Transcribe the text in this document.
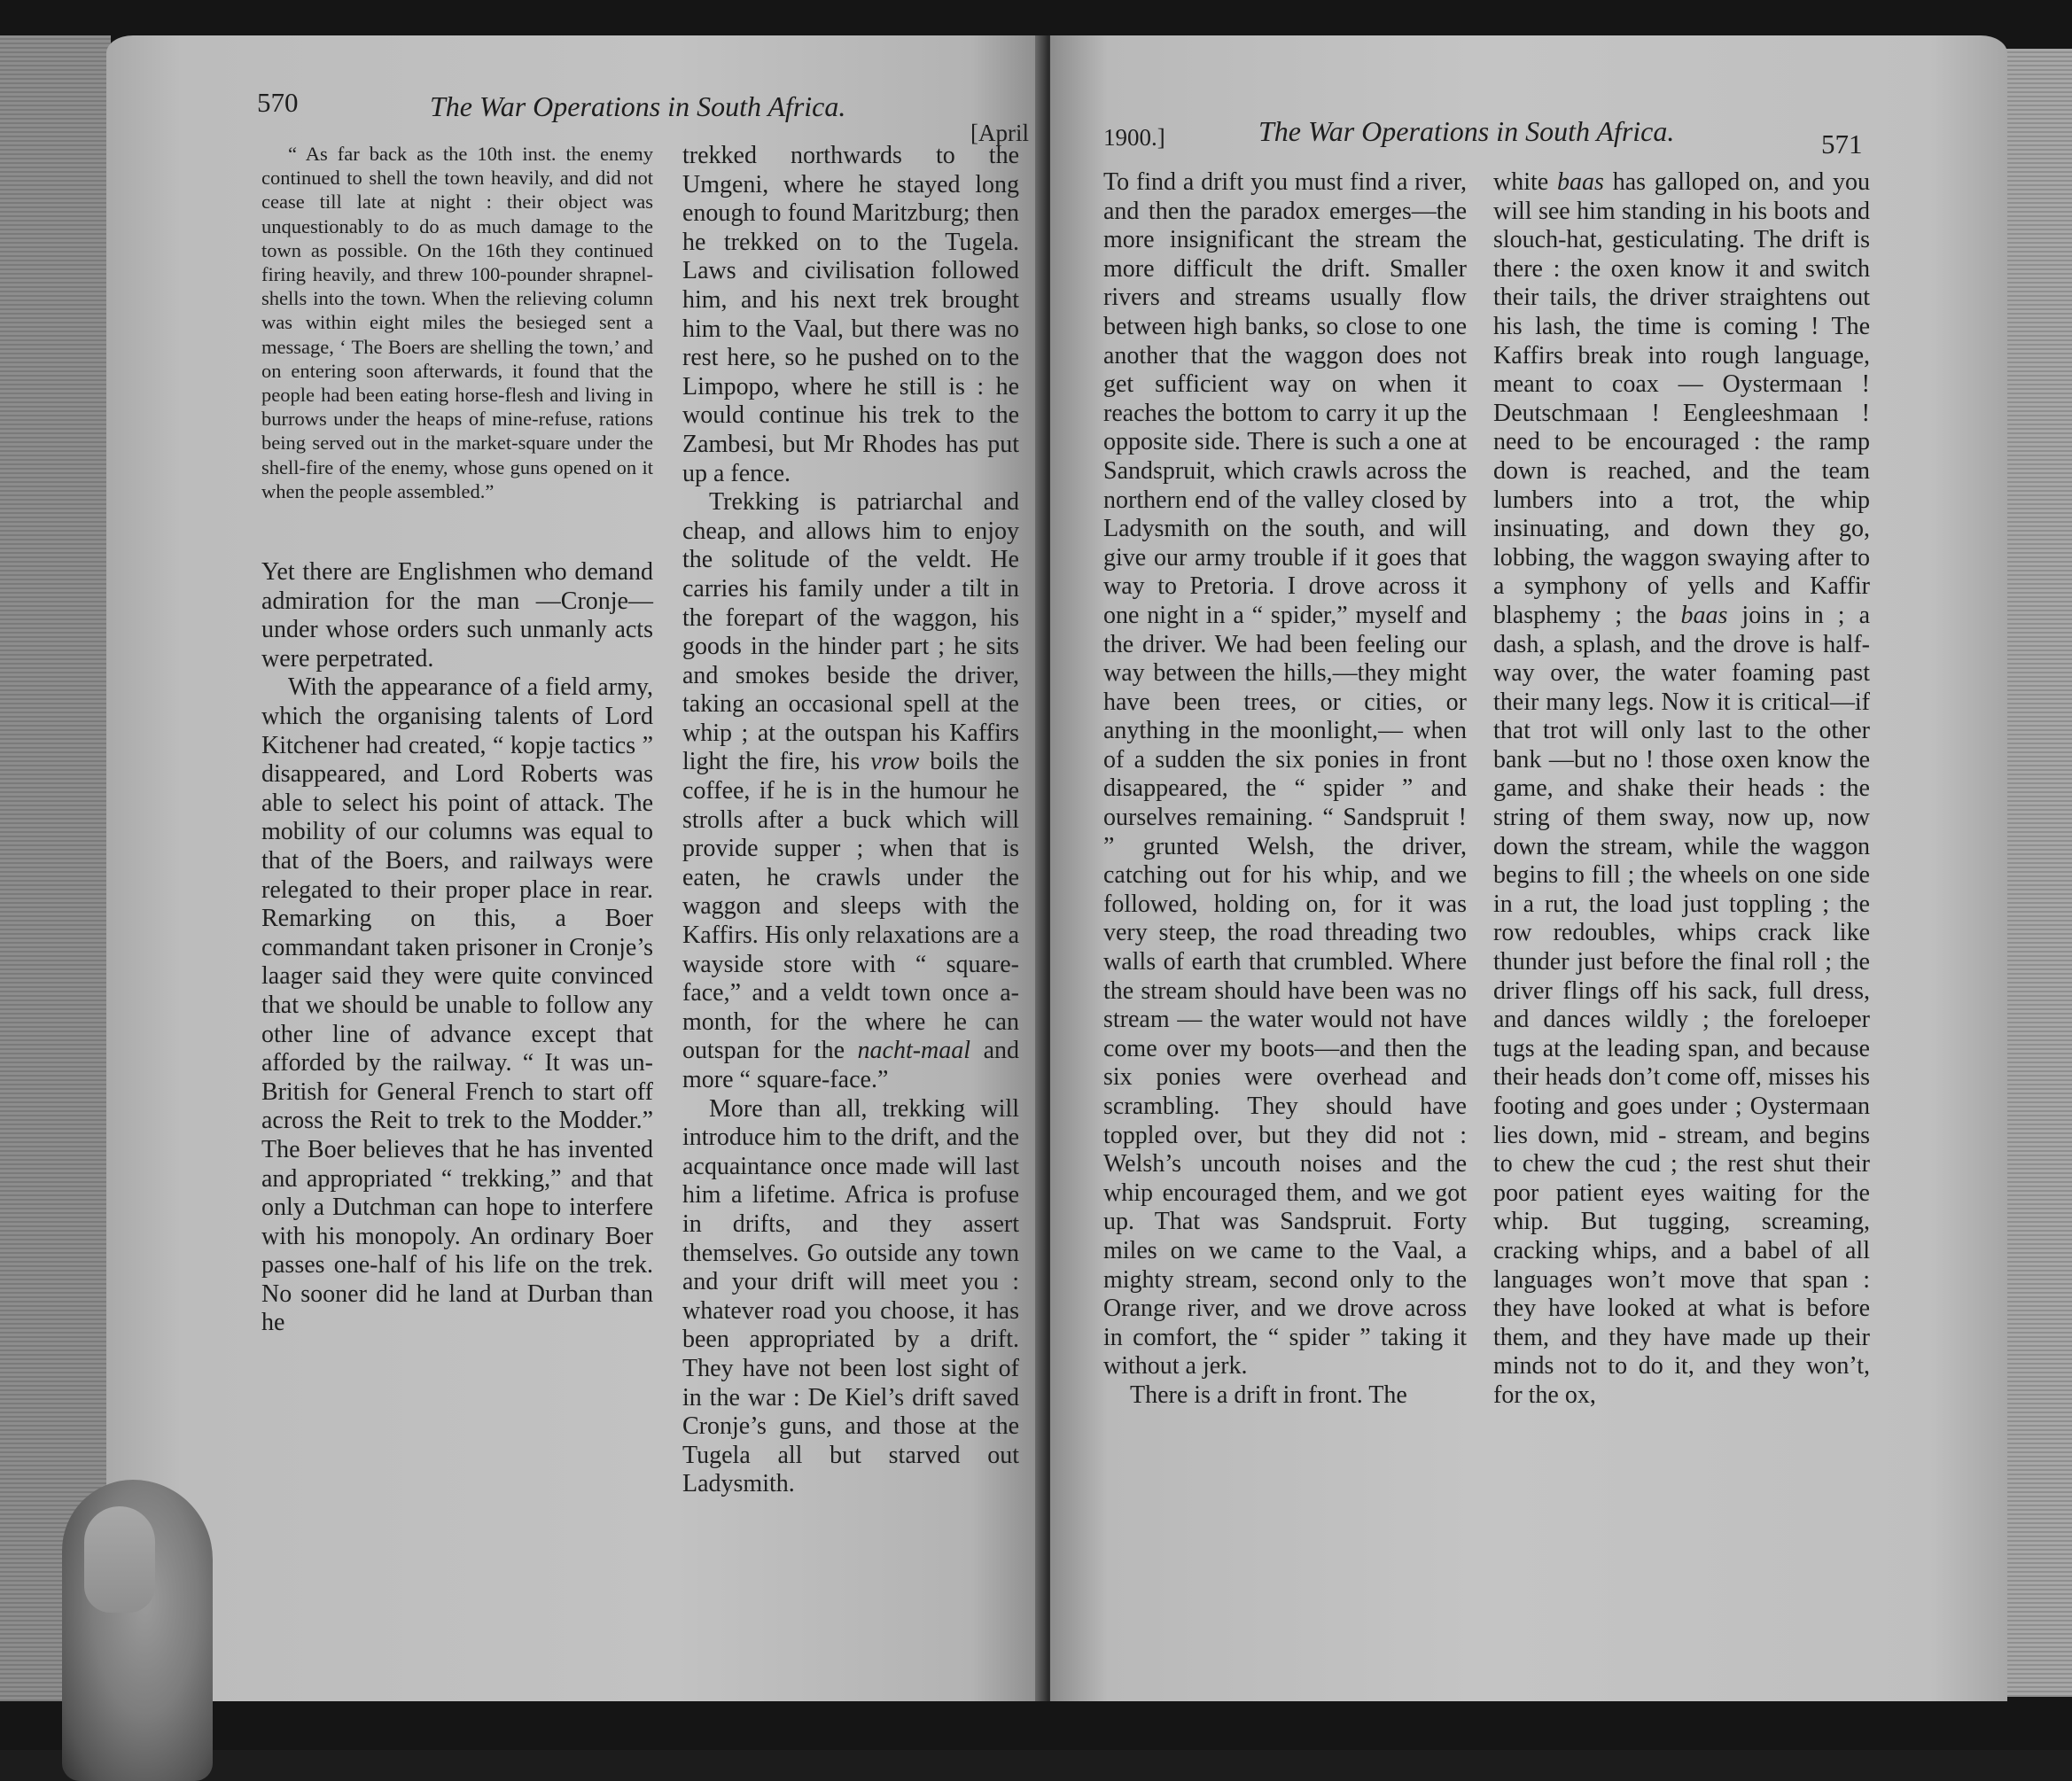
570	The War Operations in South Africa.
[April

“ As far back as the 10th inst. the enemy continued to shell the town heavily, and did not cease till late at night : their object was unquestionably to do as much damage to the town as possible. On the 16th they continued firing heavily, and threw 100-pounder shrapnel-shells into the town. When the relieving column was within eight miles the besieged sent a message, ‘ The Boers are shelling the town,’ and on entering soon afterwards, it found that the people had been eating horse-flesh and living in burrows under the heaps of mine-refuse, rations being served out in the market-square under the shell-fire of the enemy, whose guns opened on it when the people assembled.”

Yet there are Englishmen who demand admiration for the man —Cronje—under whose orders such unmanly acts were perpetrated.

With the appearance of a field army, which the organising talents of Lord Kitchener had created, “ kopje tactics ” disappeared, and Lord Roberts was able to select his point of attack. The mobility of our columns was equal to that of the Boers, and railways were relegated to their proper place in rear. Remarking on this, a Boer commandant taken prisoner in Cronje’s laager said they were quite convinced that we should be unable to follow any other line of advance except that afforded by the railway. “ It was un-British for General French to start off across the Reit to trek to the Modder.” The Boer believes that he has invented and appropriated “ trekking,” and that only a Dutchman can hope to interfere with his monopoly. An ordinary Boer passes one-half of his life on the trek. No sooner did he land at Durban than he

trekked northwards to the Umgeni, where he stayed long enough to found Maritzburg; then he trekked on to the Tugela. Laws and civilisation followed him, and his next trek brought him to the Vaal, but there was no rest here, so he pushed on to the Limpopo, where he still is : he would continue his trek to the Zambesi, but Mr Rhodes has put up a fence.

Trekking is patriarchal and cheap, and allows him to enjoy the solitude of the veldt. He carries his family under a tilt in the forepart of the waggon, his goods in the hinder part ; he sits and smokes beside the driver, taking an occasional spell at the whip ; at the outspan his Kaffirs light the fire, his vrow boils the coffee, if he is in the humour he strolls after a buck which will provide supper ; when that is eaten, he crawls under the waggon and sleeps with the Kaffirs. His only relaxations are a wayside store with “ square-face,” and a veldt town once a-month, for the where he can outspan for the nacht-maal and more “ square-face.”

More than all, trekking will introduce him to the drift, and the acquaintance once made will last him a lifetime. Africa is profuse in drifts, and they assert themselves. Go outside any town and your drift will meet you : whatever road you choose, it has been appropriated by a drift. They have not been lost sight of in the war : De Kiel’s drift saved Cronje’s guns, and those at the Tugela all but starved out Ladysmith.

1900.]	The War Operations in South Africa.	571

To find a drift you must find a river, and then the paradox emerges—the more insignificant the stream the more difficult the drift. Smaller rivers and streams usually flow between high banks, so close to one another that the waggon does not get sufficient way on when it reaches the bottom to carry it up the opposite side. There is such a one at Sandspruit, which crawls across the northern end of the valley closed by Ladysmith on the south, and will give our army trouble if it goes that way to Pretoria. I drove across it one night in a “ spider,” myself and the driver. We had been feeling our way between the hills,—they might have been trees, or cities, or anything in the moonlight,— when of a sudden the six ponies in front disappeared, the “ spider ” and ourselves remaining. “ Sandspruit ! ” grunted Welsh, the driver, catching out for his whip, and we followed, holding on, for it was very steep, the road threading two walls of earth that crumbled. Where the stream should have been was no stream — the water would not have come over my boots—and then the six ponies were overhead and scrambling. They should have toppled over, but they did not : Welsh’s uncouth noises and the whip encouraged them, and we got up. That was Sandspruit. Forty miles on we came to the Vaal, a mighty stream, second only to the Orange river, and we drove across in comfort, the “ spider ” taking it without a jerk.

There is a drift in front. The

white baas has galloped on, and you will see him standing in his boots and slouch-hat, gesticulating. The drift is there : the oxen know it and switch their tails, the driver straightens out his lash, the time is coming ! The Kaffirs break into rough language, meant to coax — Oystermaan ! Deutschmaan ! Eengleeshmaan ! need to be encouraged : the ramp down is reached, and the team lumbers into a trot, the whip insinuating, and down they go, lobbing, the waggon swaying after to a symphony of yells and Kaffir blasphemy ; the baas joins in ; a dash, a splash, and the drove is half-way over, the water foaming past their many legs. Now it is critical—if that trot will only last to the other bank —but no ! those oxen know the game, and shake their heads : the string of them sway, now up, now down the stream, while the waggon begins to fill ; the wheels on one side in a rut, the load just toppling ; the row redoubles, whips crack like thunder just before the final roll ; the driver flings off his sack, full dress, and dances wildly ; the foreloeper tugs at the leading span, and because their heads don’t come off, misses his footing and goes under ; Oystermaan lies down, mid - stream, and begins to chew the cud ; the rest shut their poor patient eyes waiting for the whip. But tugging, screaming, cracking whips, and a babel of all languages won’t move that span : they have looked at what is before them, and they have made up their minds not to do it, and they won’t, for the ox,
